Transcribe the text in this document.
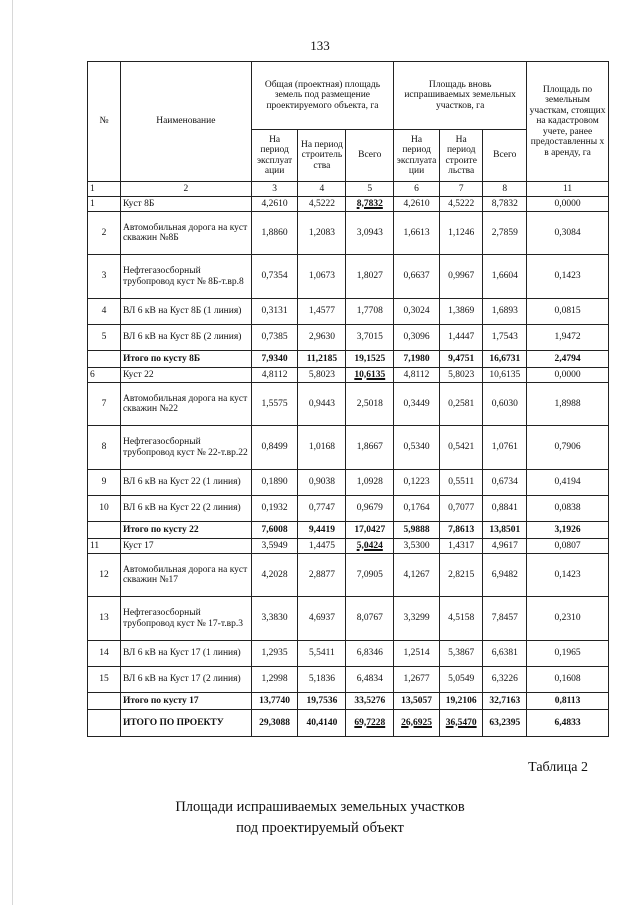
133
№	Наименование	Общая (проектная) площадь земель под размещение проектируемого объекта, га			Площадь вновь испрашиваемых земельных участков, га			Площадь по земельным участкам, стоящих на кадастровом учете, ранее предоставленны х в аренду, га
		На период эксплуат ации	На период строитель ства	Всего	На период эксплуата ции	На период строите льства	Всего	
1	2	3	4	5	6	7	8	11
1	Куст 8Б	4,2610	4,5222	8,7832	4,2610	4,5222	8,7832	0,0000
2	Автомобильная дорога на куст скважин №8Б	1,8860	1,2083	3,0943	1,6613	1,1246	2,7859	0,3084
3	Нефтегазосборный трубопровод куст № 8Б-т.вр.8	0,7354	1,0673	1,8027	0,6637	0,9967	1,6604	0,1423
4	ВЛ 6 кВ на Куст 8Б (1 линия)	0,3131	1,4577	1,7708	0,3024	1,3869	1,6893	0,0815
5	ВЛ 6 кВ на Куст 8Б (2 линия)	0,7385	2,9630	3,7015	0,3096	1,4447	1,7543	1,9472
	Итого по кусту 8Б	7,9340	11,2185	19,1525	7,1980	9,4751	16,6731	2,4794
6	Куст 22	4,8112	5,8023	10,6135	4,8112	5,8023	10,6135	0,0000
7	Автомобильная дорога на куст скважин №22	1,5575	0,9443	2,5018	0,3449	0,2581	0,6030	1,8988
8	Нефтегазосборный трубопровод куст № 22-т.вр.22	0,8499	1,0168	1,8667	0,5340	0,5421	1,0761	0,7906
9	ВЛ 6 кВ на Куст 22 (1 линия)	0,1890	0,9038	1,0928	0,1223	0,5511	0,6734	0,4194
10	ВЛ 6 кВ на Куст 22 (2 линия)	0,1932	0,7747	0,9679	0,1764	0,7077	0,8841	0,0838
	Итого по кусту 22	7,6008	9,4419	17,0427	5,9888	7,8613	13,8501	3,1926
11	Куст 17	3,5949	1,4475	5,0424	3,5300	1,4317	4,9617	0,0807
12	Автомобильная дорога на куст скважин №17	4,2028	2,8877	7,0905	4,1267	2,8215	6,9482	0,1423
13	Нефтегазосборный трубопровод куст № 17-т.вр.3	3,3830	4,6937	8,0767	3,3299	4,5158	7,8457	0,2310
14	ВЛ 6 кВ на Куст 17 (1 линия)	1,2935	5,5411	6,8346	1,2514	5,3867	6,6381	0,1965
15	ВЛ 6 кВ на Куст 17 (2 линия)	1,2998	5,1836	6,4834	1,2677	5,0549	6,3226	0,1608
	Итого по кусту 17	13,7740	19,7536	33,5276	13,5057	19,2106	32,7163	0,8113
	ИТОГО ПО ПРОЕКТУ	29,3088	40,4140	69,7228	26,6925	36,5470	63,2395	6,4833
Таблица 2
Площади испрашиваемых земельных участков
под проектируемый объект
